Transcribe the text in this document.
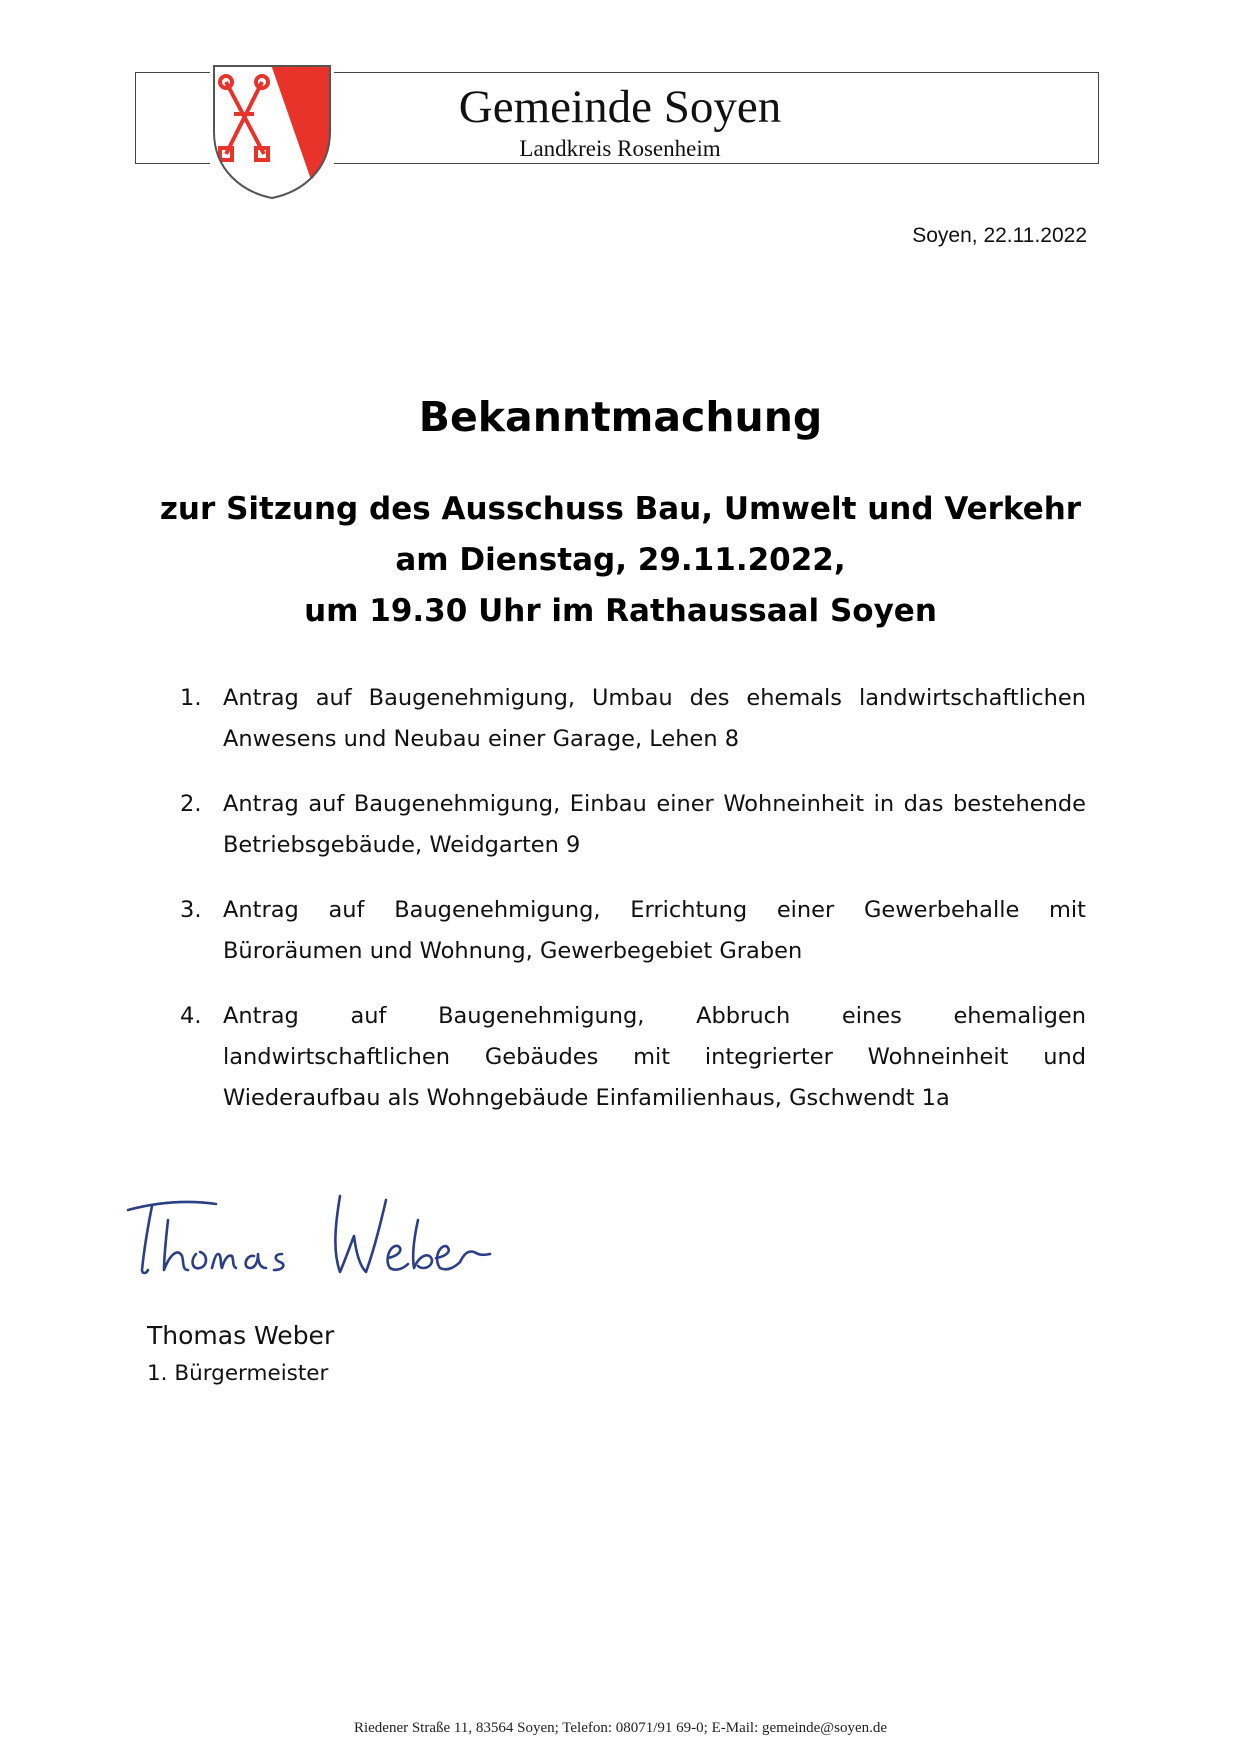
Gemeinde Soyen
Landkreis Rosenheim
Soyen, 22.11.2022
Bekanntmachung
zur Sitzung des Ausschuss Bau, Umwelt und Verkehr
am Dienstag, 29.11.2022,
um 19.30 Uhr im Rathaussaal Soyen
1. Antrag auf Baugenehmigung, Umbau des ehemals landwirtschaftlichen Anwesens und Neubau einer Garage, Lehen 8
2. Antrag auf Baugenehmigung, Einbau einer Wohneinheit in das bestehende Betriebsgebäude, Weidgarten 9
3. Antrag auf Baugenehmigung, Errichtung einer Gewerbehalle mit Büroräumen und Wohnung, Gewerbegebiet Graben
4. Antrag auf Baugenehmigung, Abbruch eines ehemaligen landwirtschaftlichen Gebäudes mit integrierter Wohneinheit und Wiederaufbau als Wohngebäude Einfamilienhaus, Gschwendt 1a
Thomas Weber
1. Bürgermeister
Riedener Straße 11, 83564 Soyen; Telefon: 08071/91 69-0; E-Mail: gemeinde@soyen.de
